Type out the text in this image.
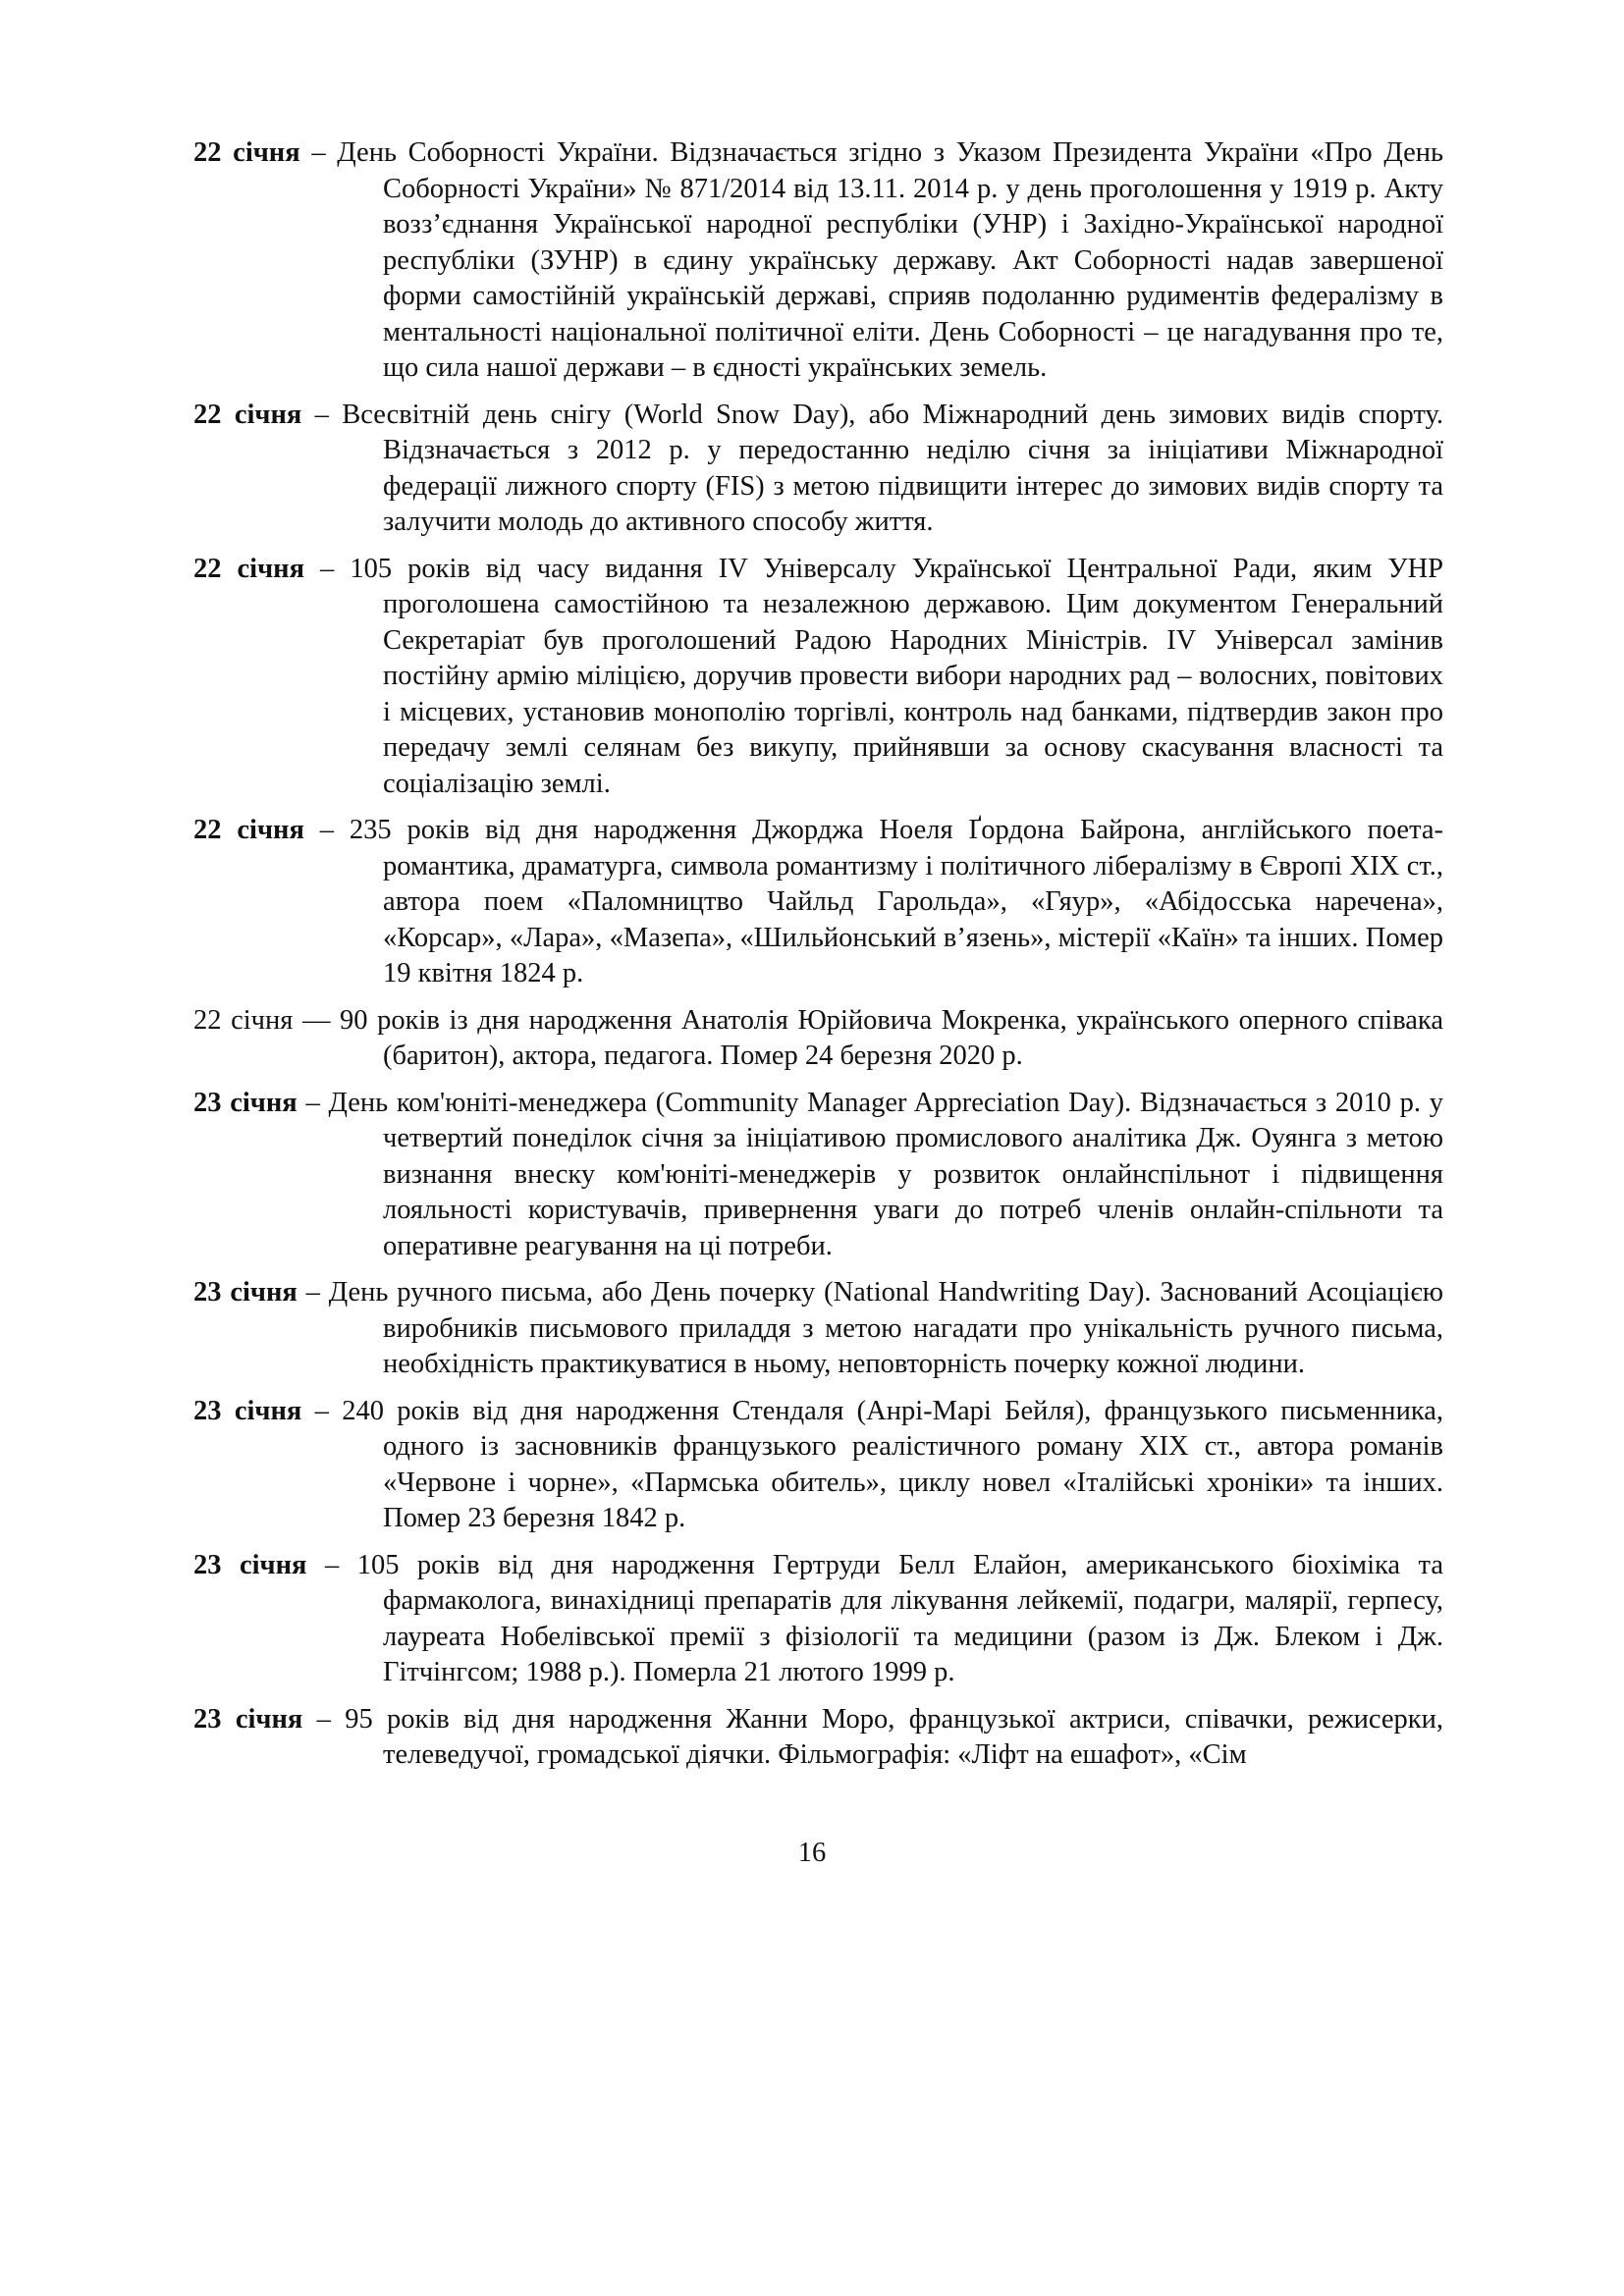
22 січня – День Соборності України. Відзначається згідно з Указом Президента України «Про День Соборності України» № 871/2014 від 13.11. 2014 р. у день проголошення у 1919 р. Акту возз’єднання Української народної республіки (УНР) і Західно-Української народної республіки (ЗУНР) в єдину українську державу. Акт Соборності надав завершеної форми самостійній українській державі, сприяв подоланню рудиментів федералізму в ментальності національної політичної еліти. День Соборності – це нагадування про те, що сила нашої держави – в єдності українських земель.

22 січня – Всесвітній день снігу (World Snow Day), або Міжнародний день зимових видів спорту. Відзначається з 2012 р. у передостанню неділю січня за ініціативи Міжнародної федерації лижного спорту (FIS) з метою підвищити інтерес до зимових видів спорту та залучити молодь до активного способу життя.

22 січня – 105 років від часу видання IV Універсалу Української Центральної Ради, яким УНР проголошена самостійною та незалежною державою. Цим документом Генеральний Секретаріат був проголошений Радою Народних Міністрів. IV Універсал замінив постійну армію міліцією, доручив провести вибори народних рад – волосних, повітових і місцевих, установив монополію торгівлі, контроль над банками, підтвердив закон про передачу землі селянам без викупу, прийнявши за основу скасування власності та соціалізацію землі.

22 січня – 235 років від дня народження Джорджа Ноеля Ґордона Байрона, англійського поета-романтика, драматурга, символа романтизму і політичного лібералізму в Європі XIX ст., автора поем «Паломництво Чайльд Гарольда», «Гяур», «Абідосська наречена», «Корсар», «Лара», «Мазепа», «Шильйонський в’язень», містерії «Каїн» та інших. Помер 19 квітня 1824 р.

22 січня — 90 років із дня народження Анатолія Юрійовича Мокренка, українського оперного співака (баритон), актора, педагога. Помер 24 березня 2020 р.

23 січня – День ком'юніті-менеджера (Community Manager Appreciation Day). Відзначається з 2010 р. у четвертий понеділок січня за ініціативою промислового аналітика Дж. Оуянга з метою визнання внеску ком'юніті-менеджерів у розвиток онлайнспільнот і підвищення лояльності користувачів, привернення уваги до потреб членів онлайн-спільноти та оперативне реагування на ці потреби.

23 січня – День ручного письма, або День почерку (National Handwriting Day). Заснований Асоціацією виробників письмового приладдя з метою нагадати про унікальність ручного письма, необхідність практикуватися в ньому, неповторність почерку кожної людини.

23 січня – 240 років від дня народження Стендаля (Анрі-Марі Бейля), французького письменника, одного із засновників французького реалістичного роману XIX ст., автора романів «Червоне і чорне», «Пармська обитель», циклу новел «Італійські хроніки» та інших. Помер 23 березня 1842 р.

23 січня – 105 років від дня народження Гертруди Белл Елайон, американського біохіміка та фармаколога, винахідниці препаратів для лікування лейкемії, подагри, малярії, герпесу, лауреата Нобелівської премії з фізіології та медицини (разом із Дж. Блеком і Дж. Гітчінгсом; 1988 р.). Померла 21 лютого 1999 р.

23 січня – 95 років від дня народження Жанни Моро, французької актриси, співачки, режисерки, телеведучої, громадської діячки. Фільмографія: «Ліфт на ешафот», «Сім

16
